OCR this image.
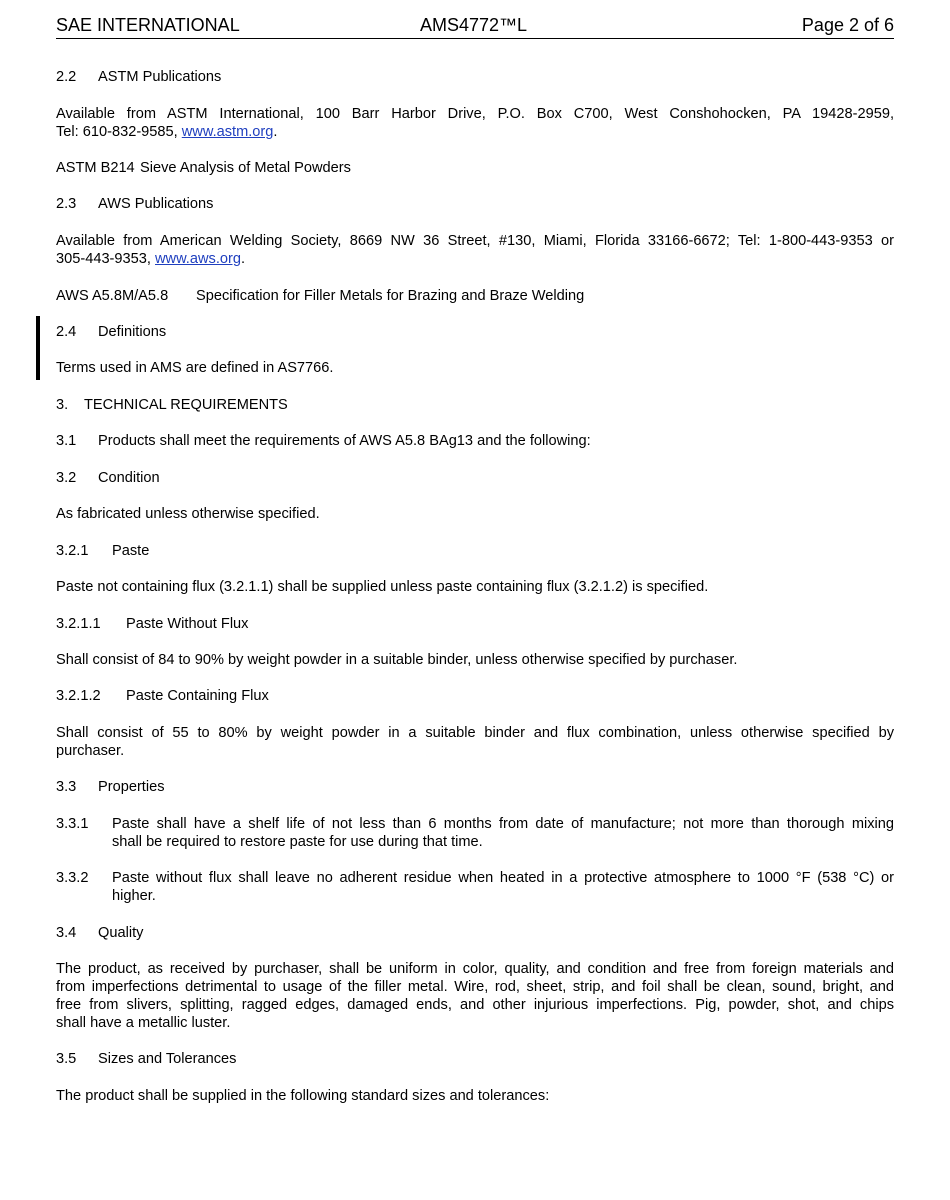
SAE INTERNATIONAL	AMS4772™L	Page 2 of 6
2.2 ASTM Publications
Available from ASTM International, 100 Barr Harbor Drive, P.O. Box C700, West Conshohocken, PA 19428-2959,
Tel: 610-832-9585, www.astm.org.
ASTM B214 Sieve Analysis of Metal Powders
2.3 AWS Publications
Available from American Welding Society, 8669 NW 36 Street, #130, Miami, Florida 33166-6672; Tel: 1-800-443-9353 or
305-443-9353, www.aws.org.
AWS A5.8M/A5.8 Specification for Filler Metals for Brazing and Braze Welding
2.4 Definitions
Terms used in AMS are defined in AS7766.
3. TECHNICAL REQUIREMENTS
3.1 Products shall meet the requirements of AWS A5.8 BAg13 and the following:
3.2 Condition
As fabricated unless otherwise specified.
3.2.1 Paste
Paste not containing flux (3.2.1.1) shall be supplied unless paste containing flux (3.2.1.2) is specified.
3.2.1.1 Paste Without Flux
Shall consist of 84 to 90% by weight powder in a suitable binder, unless otherwise specified by purchaser.
3.2.1.2 Paste Containing Flux
Shall consist of 55 to 80% by weight powder in a suitable binder and flux combination, unless otherwise specified by
purchaser.
3.3 Properties
3.3.1 Paste shall have a shelf life of not less than 6 months from date of manufacture; not more than thorough mixing
shall be required to restore paste for use during that time.
3.3.2 Paste without flux shall leave no adherent residue when heated in a protective atmosphere to 1000 °F (538 °C) or
higher.
3.4 Quality
The product, as received by purchaser, shall be uniform in color, quality, and condition and free from foreign materials and
from imperfections detrimental to usage of the filler metal. Wire, rod, sheet, strip, and foil shall be clean, sound, bright, and
free from slivers, splitting, ragged edges, damaged ends, and other injurious imperfections. Pig, powder, shot, and chips
shall have a metallic luster.
3.5 Sizes and Tolerances
The product shall be supplied in the following standard sizes and tolerances:
